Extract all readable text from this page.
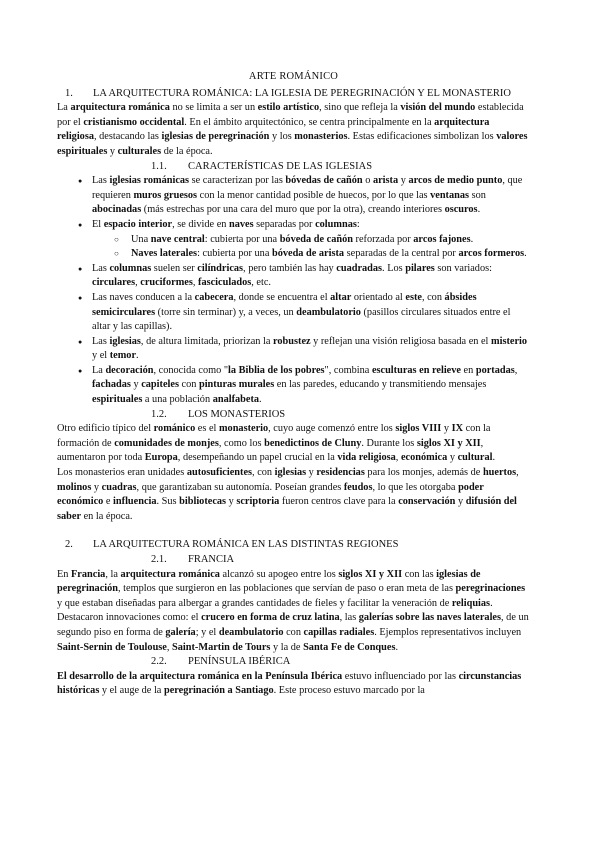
ARTE ROMÁNICO
1.	LA ARQUITECTURA ROMÁNICA: LA IGLESIA DE PEREGRINACIÓN Y EL MONASTERIO

La arquitectura románica no se limita a ser un estilo artístico, sino que refleja la visión del mundo establecida por el cristianismo occidental. En el ámbito arquitectónico, se centra principalmente en la arquitectura religiosa, destacando las iglesias de peregrinación y los monasterios. Estas edificaciones simbolizan los valores espirituales y culturales de la época.

1.1.	CARACTERÍSTICAS DE LAS IGLESIAS
● Las iglesias románicas se caracterizan por las bóvedas de cañón o arista y arcos de medio punto, que requieren muros gruesos con la menor cantidad posible de huecos, por lo que las ventanas son abocinadas (más estrechas por una cara del muro que por la otra), creando interiores oscuros.
● El espacio interior, se divide en naves separadas por columnas:
○ Una nave central: cubierta por una bóveda de cañón reforzada por arcos fajones.
○ Naves laterales: cubierta por una bóveda de arista separadas de la central por arcos formeros.
● Las columnas suelen ser cilíndricas, pero también las hay cuadradas. Los pilares son variados: circulares, cruciformes, fasciculados, etc.
● Las naves conducen a la cabecera, donde se encuentra el altar orientado al este, con ábsides semicirculares (torre sin terminar) y, a veces, un deambulatorio (pasillos circulares situados entre el altar y las capillas).
● Las iglesias, de altura limitada, priorizan la robustez y reflejan una visión religiosa basada en el misterio y el temor.
● La decoración, conocida como "la Biblia de los pobres", combina esculturas en relieve en portadas, fachadas y capiteles con pinturas murales en las paredes, educando y transmitiendo mensajes espirituales a una población analfabeta.
1.2.	LOS MONASTERIOS

Otro edificio típico del románico es el monasterio, cuyo auge comenzó entre los siglos VIII y IX con la formación de comunidades de monjes, como los benedictinos de Cluny. Durante los siglos XI y XII, aumentaron por toda Europa, desempeñando un papel crucial en la vida religiosa, económica y cultural.

Los monasterios eran unidades autosuficientes, con iglesias y residencias para los monjes, además de huertos, molinos y cuadras, que garantizaban su autonomía. Poseían grandes feudos, lo que les otorgaba poder económico e influencia. Sus bibliotecas y scriptoria fueron centros clave para la conservación y difusión del saber en la época.

2.	LA ARQUITECTURA ROMÁNICA EN LAS DISTINTAS REGIONES
2.1.	FRANCIA

En Francia, la arquitectura románica alcanzó su apogeo entre los siglos XI y XII con las iglesias de peregrinación, templos que surgieron en las poblaciones que servían de paso o eran meta de las peregrinaciones y que estaban diseñadas para albergar a grandes cantidades de fieles y facilitar la veneración de reliquias. Destacaron innovaciones como: el crucero en forma de cruz latina, las galerías sobre las naves laterales, de un segundo piso en forma de galería; y el deambulatorio con capillas radiales. Ejemplos representativos incluyen Saint-Sernin de Toulouse, Saint-Martin de Tours y la de Santa Fe de Conques.

2.2.	PENÍNSULA IBÉRICA

El desarrollo de la arquitectura románica en la Península Ibérica estuvo influenciado por las circunstancias históricas y el auge de la peregrinación a Santiago. Este proceso estuvo marcado por la
